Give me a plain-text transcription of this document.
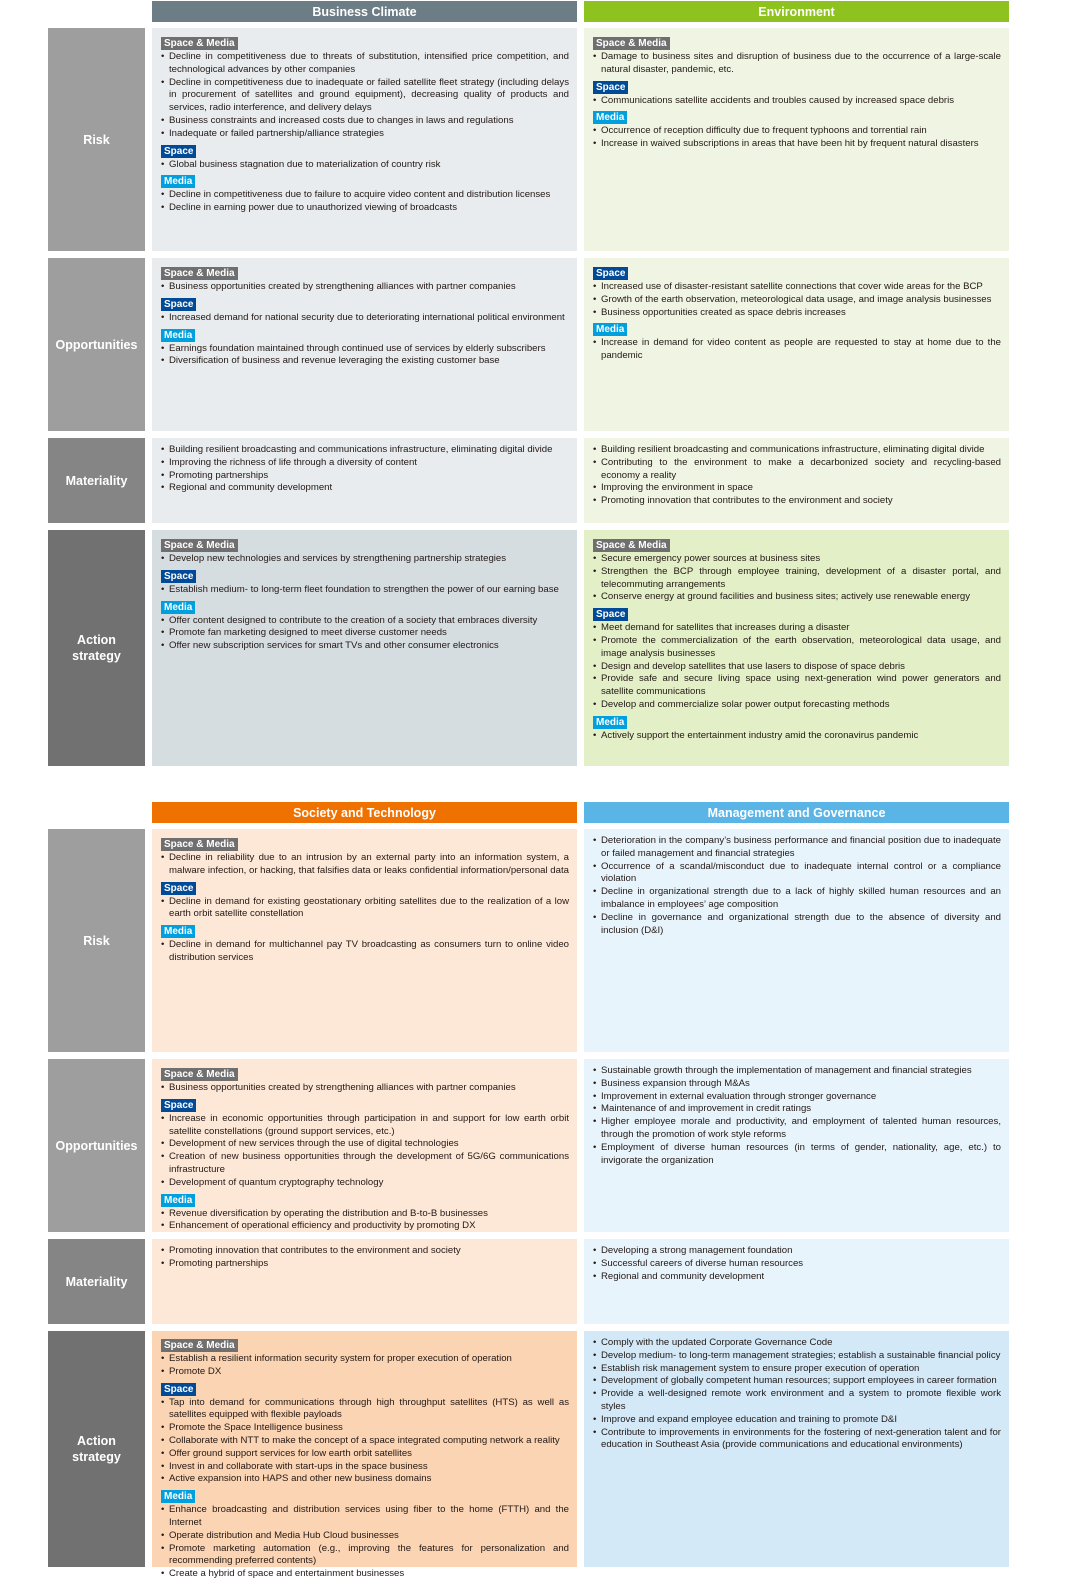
Business Climate	Environment
Risk
Opportunities
Materiality
Action
strategy
Space & Media
• Decline in competitiveness due to threats of substitution, intensified price competition, and technological advances by other companies
• Decline in competitiveness due to inadequate or failed satellite fleet strategy (including delays in procurement of satellites and ground equipment), decreasing quality of products and services, radio interference, and delivery delays
• Business constraints and increased costs due to changes in laws and regulations
• Inadequate or failed partnership/alliance strategies
Space
• Global business stagnation due to materialization of country risk
Media
• Decline in competitiveness due to failure to acquire video content and distribution licenses
• Decline in earning power due to unauthorized viewing of broadcasts
Space & Media
• Business opportunities created by strengthening alliances with partner companies
Space
• Increased demand for national security due to deteriorating international political environment
Media
• Earnings foundation maintained through continued use of services by elderly subscribers
• Diversification of business and revenue leveraging the existing customer base
• Building resilient broadcasting and communications infrastructure, eliminating digital divide
• Improving the richness of life through a diversity of content
• Promoting partnerships
• Regional and community development
Space & Media
• Develop new technologies and services by strengthening partnership strategies
Space
• Establish medium- to long-term fleet foundation to strengthen the power of our earning base
Media
• Offer content designed to contribute to the creation of a society that embraces diversity
• Promote fan marketing designed to meet diverse customer needs
• Offer new subscription services for smart TVs and other consumer electronics
Space & Media
• Damage to business sites and disruption of business due to the occurrence of a large-scale natural disaster, pandemic, etc.
Space
• Communications satellite accidents and troubles caused by increased space debris
Media
• Occurrence of reception difficulty due to frequent typhoons and torrential rain
• Increase in waived subscriptions in areas that have been hit by frequent natural disasters
Space
• Increased use of disaster-resistant satellite connections that cover wide areas for the BCP
• Growth of the earth observation, meteorological data usage, and image analysis businesses
• Business opportunities created as space debris increases
Media
• Increase in demand for video content as people are requested to stay at home due to the pandemic
• Building resilient broadcasting and communications infrastructure, eliminating digital divide
• Contributing to the environment to make a decarbonized society and recycling-based economy a reality
• Improving the environment in space
• Promoting innovation that contributes to the environment and society
Space & Media
• Secure emergency power sources at business sites
• Strengthen the BCP through employee training, development of a disaster portal, and telecommuting arrangements
• Conserve energy at ground facilities and business sites; actively use renewable energy
Space
• Meet demand for satellites that increases during a disaster
• Promote the commercialization of the earth observation, meteorological data usage, and image analysis businesses
• Design and develop satellites that use lasers to dispose of space debris
• Provide safe and secure living space using next-generation wind power generators and satellite communications
• Develop and commercialize solar power output forecasting methods
Media
• Actively support the entertainment industry amid the coronavirus pandemic
Society and Technology	Management and Governance
Risk
Opportunities
Materiality
Action
strategy
Space & Media
• Decline in reliability due to an intrusion by an external party into an information system, a malware infection, or hacking, that falsifies data or leaks confidential information/personal data
Space
• Decline in demand for existing geostationary orbiting satellites due to the realization of a low earth orbit satellite constellation
Media
• Decline in demand for multichannel pay TV broadcasting as consumers turn to online video distribution services
Space & Media
• Business opportunities created by strengthening alliances with partner companies
Space
• Increase in economic opportunities through participation in and support for low earth orbit satellite constellations (ground support services, etc.)
• Development of new services through the use of digital technologies
• Creation of new business opportunities through the development of 5G/6G communications infrastructure
• Development of quantum cryptography technology
Media
• Revenue diversification by operating the distribution and B-to-B businesses
• Enhancement of operational efficiency and productivity by promoting DX
• Promoting innovation that contributes to the environment and society
• Promoting partnerships
Space & Media
• Establish a resilient information security system for proper execution of operation
• Promote DX
Space
• Tap into demand for communications through high throughput satellites (HTS) as well as satellites equipped with flexible payloads
• Promote the Space Intelligence business
• Collaborate with NTT to make the concept of a space integrated computing network a reality
• Offer ground support services for low earth orbit satellites
• Invest in and collaborate with start-ups in the space business
• Active expansion into HAPS and other new business domains
Media
• Enhance broadcasting and distribution services using fiber to the home (FTTH) and the Internet
• Operate distribution and Media Hub Cloud businesses
• Promote marketing automation (e.g., improving the features for personalization and recommending preferred contents)
• Create a hybrid of space and entertainment businesses
• Deterioration in the company’s business performance and financial position due to inadequate or failed management and financial strategies
• Occurrence of a scandal/misconduct due to inadequate internal control or a compliance violation
• Decline in organizational strength due to a lack of highly skilled human resources and an imbalance in employees’ age composition
• Decline in governance and organizational strength due to the absence of diversity and inclusion (D&I)
• Sustainable growth through the implementation of management and financial strategies
• Business expansion through M&As
• Improvement in external evaluation through stronger governance
• Maintenance of and improvement in credit ratings
• Higher employee morale and productivity, and employment of talented human resources, through the promotion of work style reforms
• Employment of diverse human resources (in terms of gender, nationality, age, etc.) to invigorate the organization
• Developing a strong management foundation
• Successful careers of diverse human resources
• Regional and community development
• Comply with the updated Corporate Governance Code
• Develop medium- to long-term management strategies; establish a sustainable financial policy
• Establish risk management system to ensure proper execution of operation
• Development of globally competent human resources; support employees in career formation
• Provide a well-designed remote work environment and a system to promote flexible work styles
• Improve and expand employee education and training to promote D&I
• Contribute to improvements in environments for the fostering of next-generation talent and for education in Southeast Asia (provide communications and educational environments)
